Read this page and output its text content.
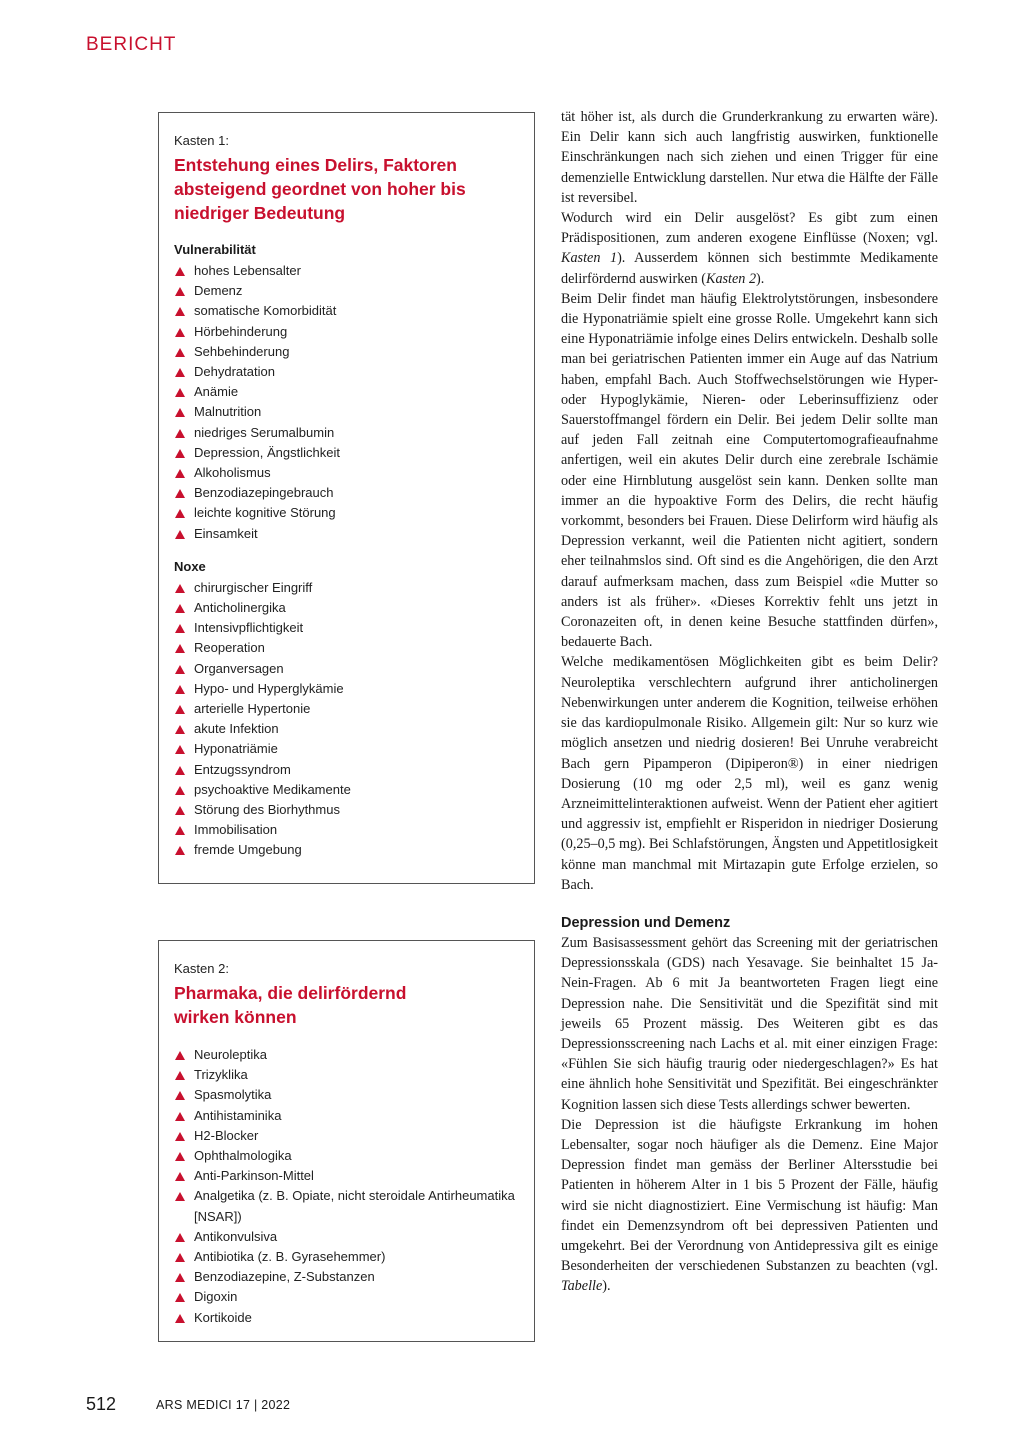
BERICHT

Kasten 1:

Entstehung eines Delirs, Faktoren absteigend geordnet von hoher bis niedriger Bedeutung
Vulnerabilität
hohes Lebensalter
Demenz
somatische Komorbidität
Hörbehinderung
Sehbehinderung
Dehydratation
Anämie
Malnutrition
niedriges Serumalbumin
Depression, Ängstlichkeit
Alkoholismus
Benzodiazepingebrauch
leichte kognitive Störung
Einsamkeit
Noxe
chirurgischer Eingriff
Anticholinergika
Intensivpflichtigkeit
Reoperation
Organversagen
Hypo- und Hyperglykämie
arterielle Hypertonie
akute Infektion
Hyponatriämie
Entzugssyndrom
psychoaktive Medikamente
Störung des Biorhythmus
Immobilisation
fremde Umgebung

Kasten 2:

Pharmaka, die delirfördernd wirken können
Neuroleptika
Trizyklika
Spasmolytika
Antihistaminika
H2-Blocker
Ophthalmologika
Anti-Parkinson-Mittel
Analgetika (z. B. Opiate, nicht steroidale Antirheumatika [NSAR])
Antikonvulsiva
Antibiotika (z. B. Gyrasehemmer)
Benzodiazepine, Z-Substanzen
Digoxin
Kortikoide

tät höher ist, als durch die Grunderkrankung zu erwarten wäre). Ein Delir kann sich auch langfristig auswirken, funktionelle Einschränkungen nach sich ziehen und einen Trigger für eine demenzielle Entwicklung darstellen. Nur etwa die Hälfte der Fälle ist reversibel.

Wodurch wird ein Delir ausgelöst? Es gibt zum einen Prädispositionen, zum anderen exogene Einflüsse (Noxen; vgl. Kasten 1). Ausserdem können sich bestimmte Medikamente delirfördernd auswirken (Kasten 2).

Beim Delir findet man häufig Elektrolytstörungen, insbesondere die Hyponatriämie spielt eine grosse Rolle. Umgekehrt kann sich eine Hyponatriämie infolge eines Delirs entwickeln. Deshalb solle man bei geriatrischen Patienten immer ein Auge auf das Natrium haben, empfahl Bach. Auch Stoffwechselstörungen wie Hyper- oder Hypoglykämie, Nieren- oder Leberinsuffizienz oder Sauerstoffmangel fördern ein Delir. Bei jedem Delir sollte man auf jeden Fall zeitnah eine Computertomografieaufnahme anfertigen, weil ein akutes Delir durch eine zerebrale Ischämie oder eine Hirnblutung ausgelöst sein kann. Denken sollte man immer an die hypoaktive Form des Delirs, die recht häufig vorkommt, besonders bei Frauen. Diese Delirform wird häufig als Depression verkannt, weil die Patienten nicht agitiert, sondern eher teilnahmslos sind. Oft sind es die Angehörigen, die den Arzt darauf aufmerksam machen, dass zum Beispiel «die Mutter so anders ist als früher». «Dieses Korrektiv fehlt uns jetzt in Coronazeiten oft, in denen keine Besuche stattfinden dürfen», bedauerte Bach.

Welche medikamentösen Möglichkeiten gibt es beim Delir? Neuroleptika verschlechtern aufgrund ihrer anticholinergen Nebenwirkungen unter anderem die Kognition, teilweise erhöhen sie das kardiopulmonale Risiko. Allgemein gilt: Nur so kurz wie möglich ansetzen und niedrig dosieren! Bei Unruhe verabreicht Bach gern Pipamperon (Dipiperon®) in einer niedrigen Dosierung (10 mg oder 2,5 ml), weil es ganz wenig Arzneimittelinteraktionen aufweist. Wenn der Patient eher agitiert und aggressiv ist, empfiehlt er Risperidon in niedriger Dosierung (0,25–0,5 mg). Bei Schlafstörungen, Ängsten und Appetitlosigkeit könne man manchmal mit Mirtazapin gute Erfolge erzielen, so Bach.

Depression und Demenz

Zum Basisassessment gehört das Screening mit der geriatrischen Depressionsskala (GDS) nach Yesavage. Sie beinhaltet 15 Ja-Nein-Fragen. Ab 6 mit Ja beantworteten Fragen liegt eine Depression nahe. Die Sensitivität und die Spezifität sind mit jeweils 65 Prozent mässig. Des Weiteren gibt es das Depressionsscreening nach Lachs et al. mit einer einzigen Frage: «Fühlen Sie sich häufig traurig oder niedergeschlagen?» Es hat eine ähnlich hohe Sensitivität und Spezifität. Bei eingeschränkter Kognition lassen sich diese Tests allerdings schwer bewerten.

Die Depression ist die häufigste Erkrankung im hohen Lebensalter, sogar noch häufiger als die Demenz. Eine Major Depression findet man gemäss der Berliner Altersstudie bei Patienten in höherem Alter in 1 bis 5 Prozent der Fälle, häufig wird sie nicht diagnostiziert. Eine Vermischung ist häufig: Man findet ein Demenzsyndrom oft bei depressiven Patienten und umgekehrt. Bei der Verordnung von Antidepressiva gilt es einige Besonderheiten der verschiedenen Substanzen zu beachten (vgl. Tabelle).

512	ARS MEDICI 17 | 2022
